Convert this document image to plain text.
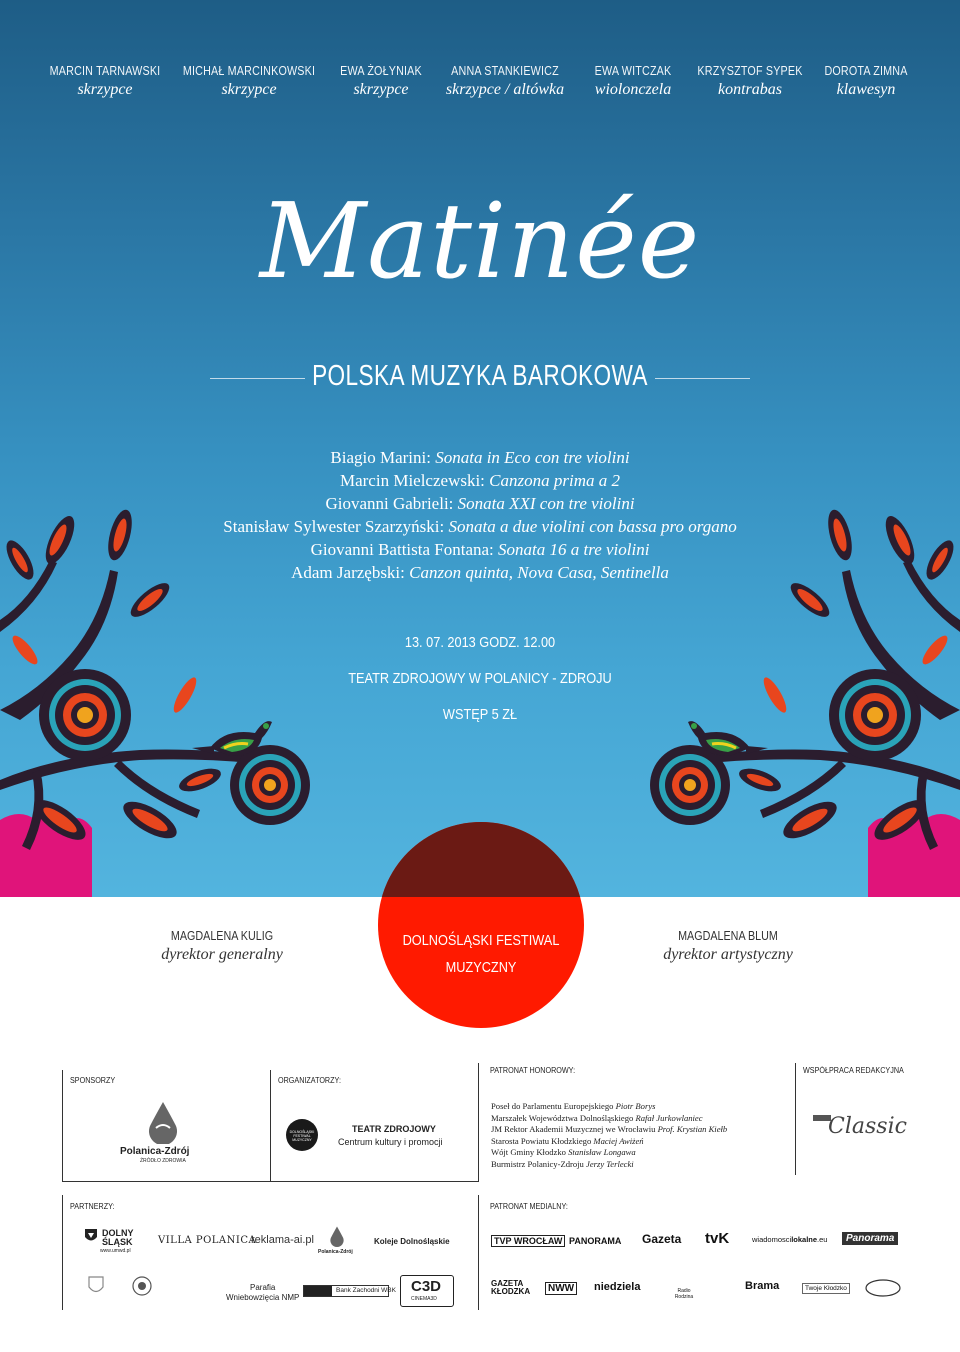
MARCIN TARNAWSKI
skrzypce
MICHAŁ MARCINKOWSKI
skrzypce
EWA ŻOŁYNIAK
skrzypce
ANNA STANKIEWICZ
skrzypce / altówka
EWA WITCZAK
wiolonczela
KRZYSZTOF SYPEK
kontrabas
DOROTA ZIMNA
klawesyn
Matinée
POLSKA MUZYKA BAROKOWA
Biagio Marini: Sonata in Eco con tre violini
Marcin Mielczewski: Canzona prima a 2
Giovanni Gabrieli: Sonata XXI con tre violini
Stanisław Sylwester Szarzyński: Sonata a due violini con bassa pro organo
Giovanni Battista Fontana: Sonata 16 a tre violini
Adam Jarzębski: Canzon quinta, Nova Casa, Sentinella
13. 07. 2013 GODZ. 12.00
TEATR ZDROJOWY W POLANICY - ZDROJU
WSTĘP 5 ZŁ
DOLNOŚLĄSKI FESTIWAL
MUZYCZNY
MAGDALENA KULIG
dyrektor generalny
MAGDALENA BLUM
dyrektor artystyczny
SPONSORZY	ORGANIZATORZY:
PATRONAT HONOROWY:	WSPÓŁPRACA REDAKCYJNA
PARTNERZY:	PATRONAT MEDIALNY:
Polanica-Zdrój
ŹRÓDŁO ZDROWIA
DOLNOŚLĄSKI FESTIWAL MUZYCZNY
TEATR ZDROJOWY
Centrum kultury i promocji
Poseł do Parlamentu Europejskiego Piotr Borys
Marszałek Województwa Dolnośląskiego Rafał Jurkowlaniec
JM Rektor Akademii Muzycznej we Wrocławiu Prof. Krystian Kiełb
Starosta Powiatu Kłodzkiego Maciej Awiżeń
Wójt Gminy Kłodzko Stanisław Longawa
Burmistrz Polanicy-Zdroju Jerzy Terlecki
Classic
DOLNY ŚLĄSK
www.umwd.pl
VILLA POLANICA
reklama-ai.pl
Polanica-Zdrój
Koleje Dolnośląskie
Parafia
Wniebowzięcia NMP
Bank Zachodni WBK C3D
CINEMA3D
TVP WROCŁAW PANORAMA Gazeta tvK	wiadomoscilokalne.eu	Panorama
GAZETA
KŁODZKA	NWW niedziela	Radio Rodzina
Brama	Twoje Kłodzko
